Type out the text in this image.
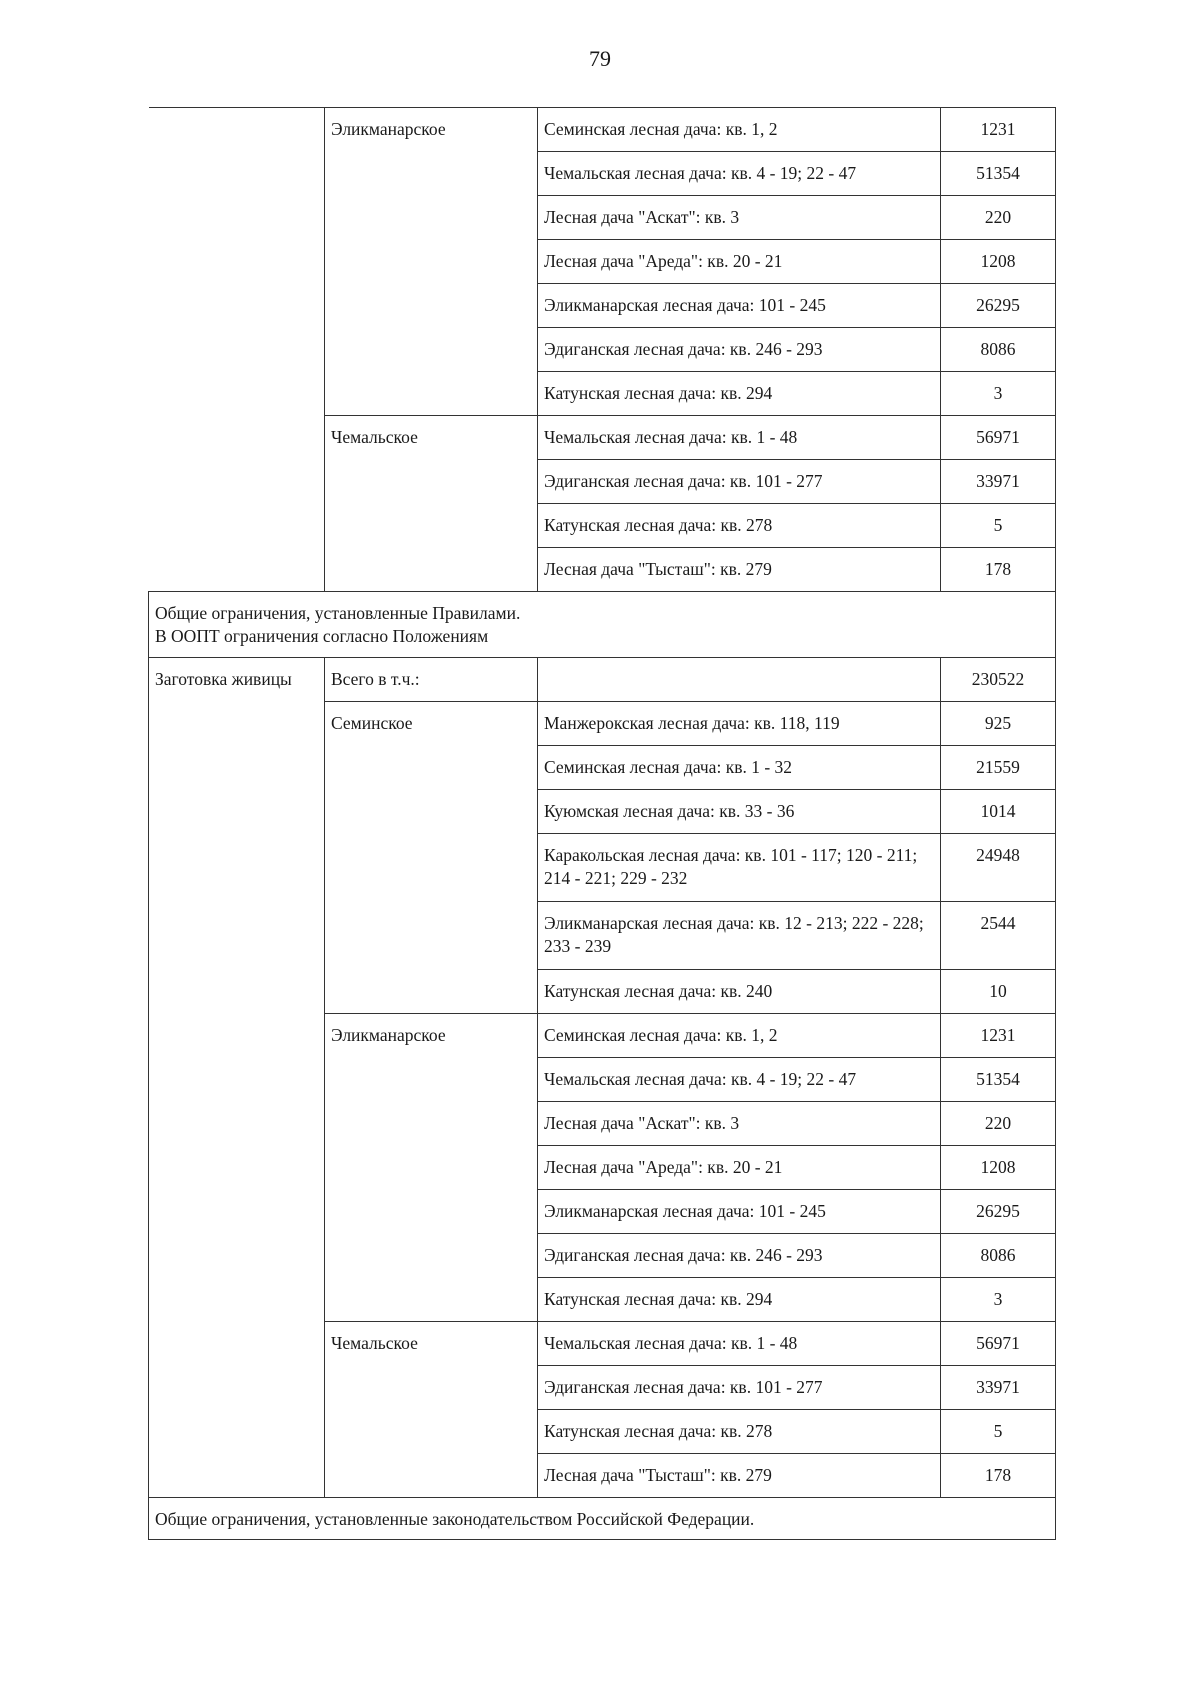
79
	Эликманарское	Семинская лесная дача: кв. 1, 2	1231
		Чемальская лесная дача: кв. 4 - 19; 22 - 47	51354
		Лесная дача "Аскат": кв. 3	220
		Лесная дача "Ареда": кв. 20 - 21	1208
		Эликманарская лесная дача: 101 - 245	26295
		Эдиганская лесная дача: кв. 246 - 293	8086
		Катунская лесная дача: кв. 294	3
	Чемальское	Чемальская лесная дача: кв. 1 - 48	56971
		Эдиганская лесная дача: кв. 101 - 277	33971
		Катунская лесная дача: кв. 278	5
		Лесная дача "Тысташ": кв. 279	178

Общие ограничения, установленные Правилами.
В ООПТ ограничения согласно Положениям			

Заготовка живицы	Всего в т.ч.:		230522
	Семинское	Манжерокская лесная дача: кв. 118, 119	925
		Семинская лесная дача: кв. 1 - 32	21559
		Куюмская лесная дача: кв. 33 - 36	1014
		Каракольская лесная дача: кв. 101 - 117; 120 - 211; 214 - 221; 229 - 232	24948
		Эликманарская лесная дача: кв. 12 - 213; 222 - 228; 233 - 239	2544
		Катунская лесная дача: кв. 240	10
	Эликманарское	Семинская лесная дача: кв. 1, 2	1231
		Чемальская лесная дача: кв. 4 - 19; 22 - 47	51354
		Лесная дача "Аскат": кв. 3	220
		Лесная дача "Ареда": кв. 20 - 21	1208
		Эликманарская лесная дача: 101 - 245	26295
		Эдиганская лесная дача: кв. 246 - 293	8086
		Катунская лесная дача: кв. 294	3
	Чемальское	Чемальская лесная дача: кв. 1 - 48	56971
		Эдиганская лесная дача: кв. 101 - 277	33971
		Катунская лесная дача: кв. 278	5
		Лесная дача "Тысташ": кв. 279	178
Общие ограничения, установленные законодательством Российской Федерации.			
